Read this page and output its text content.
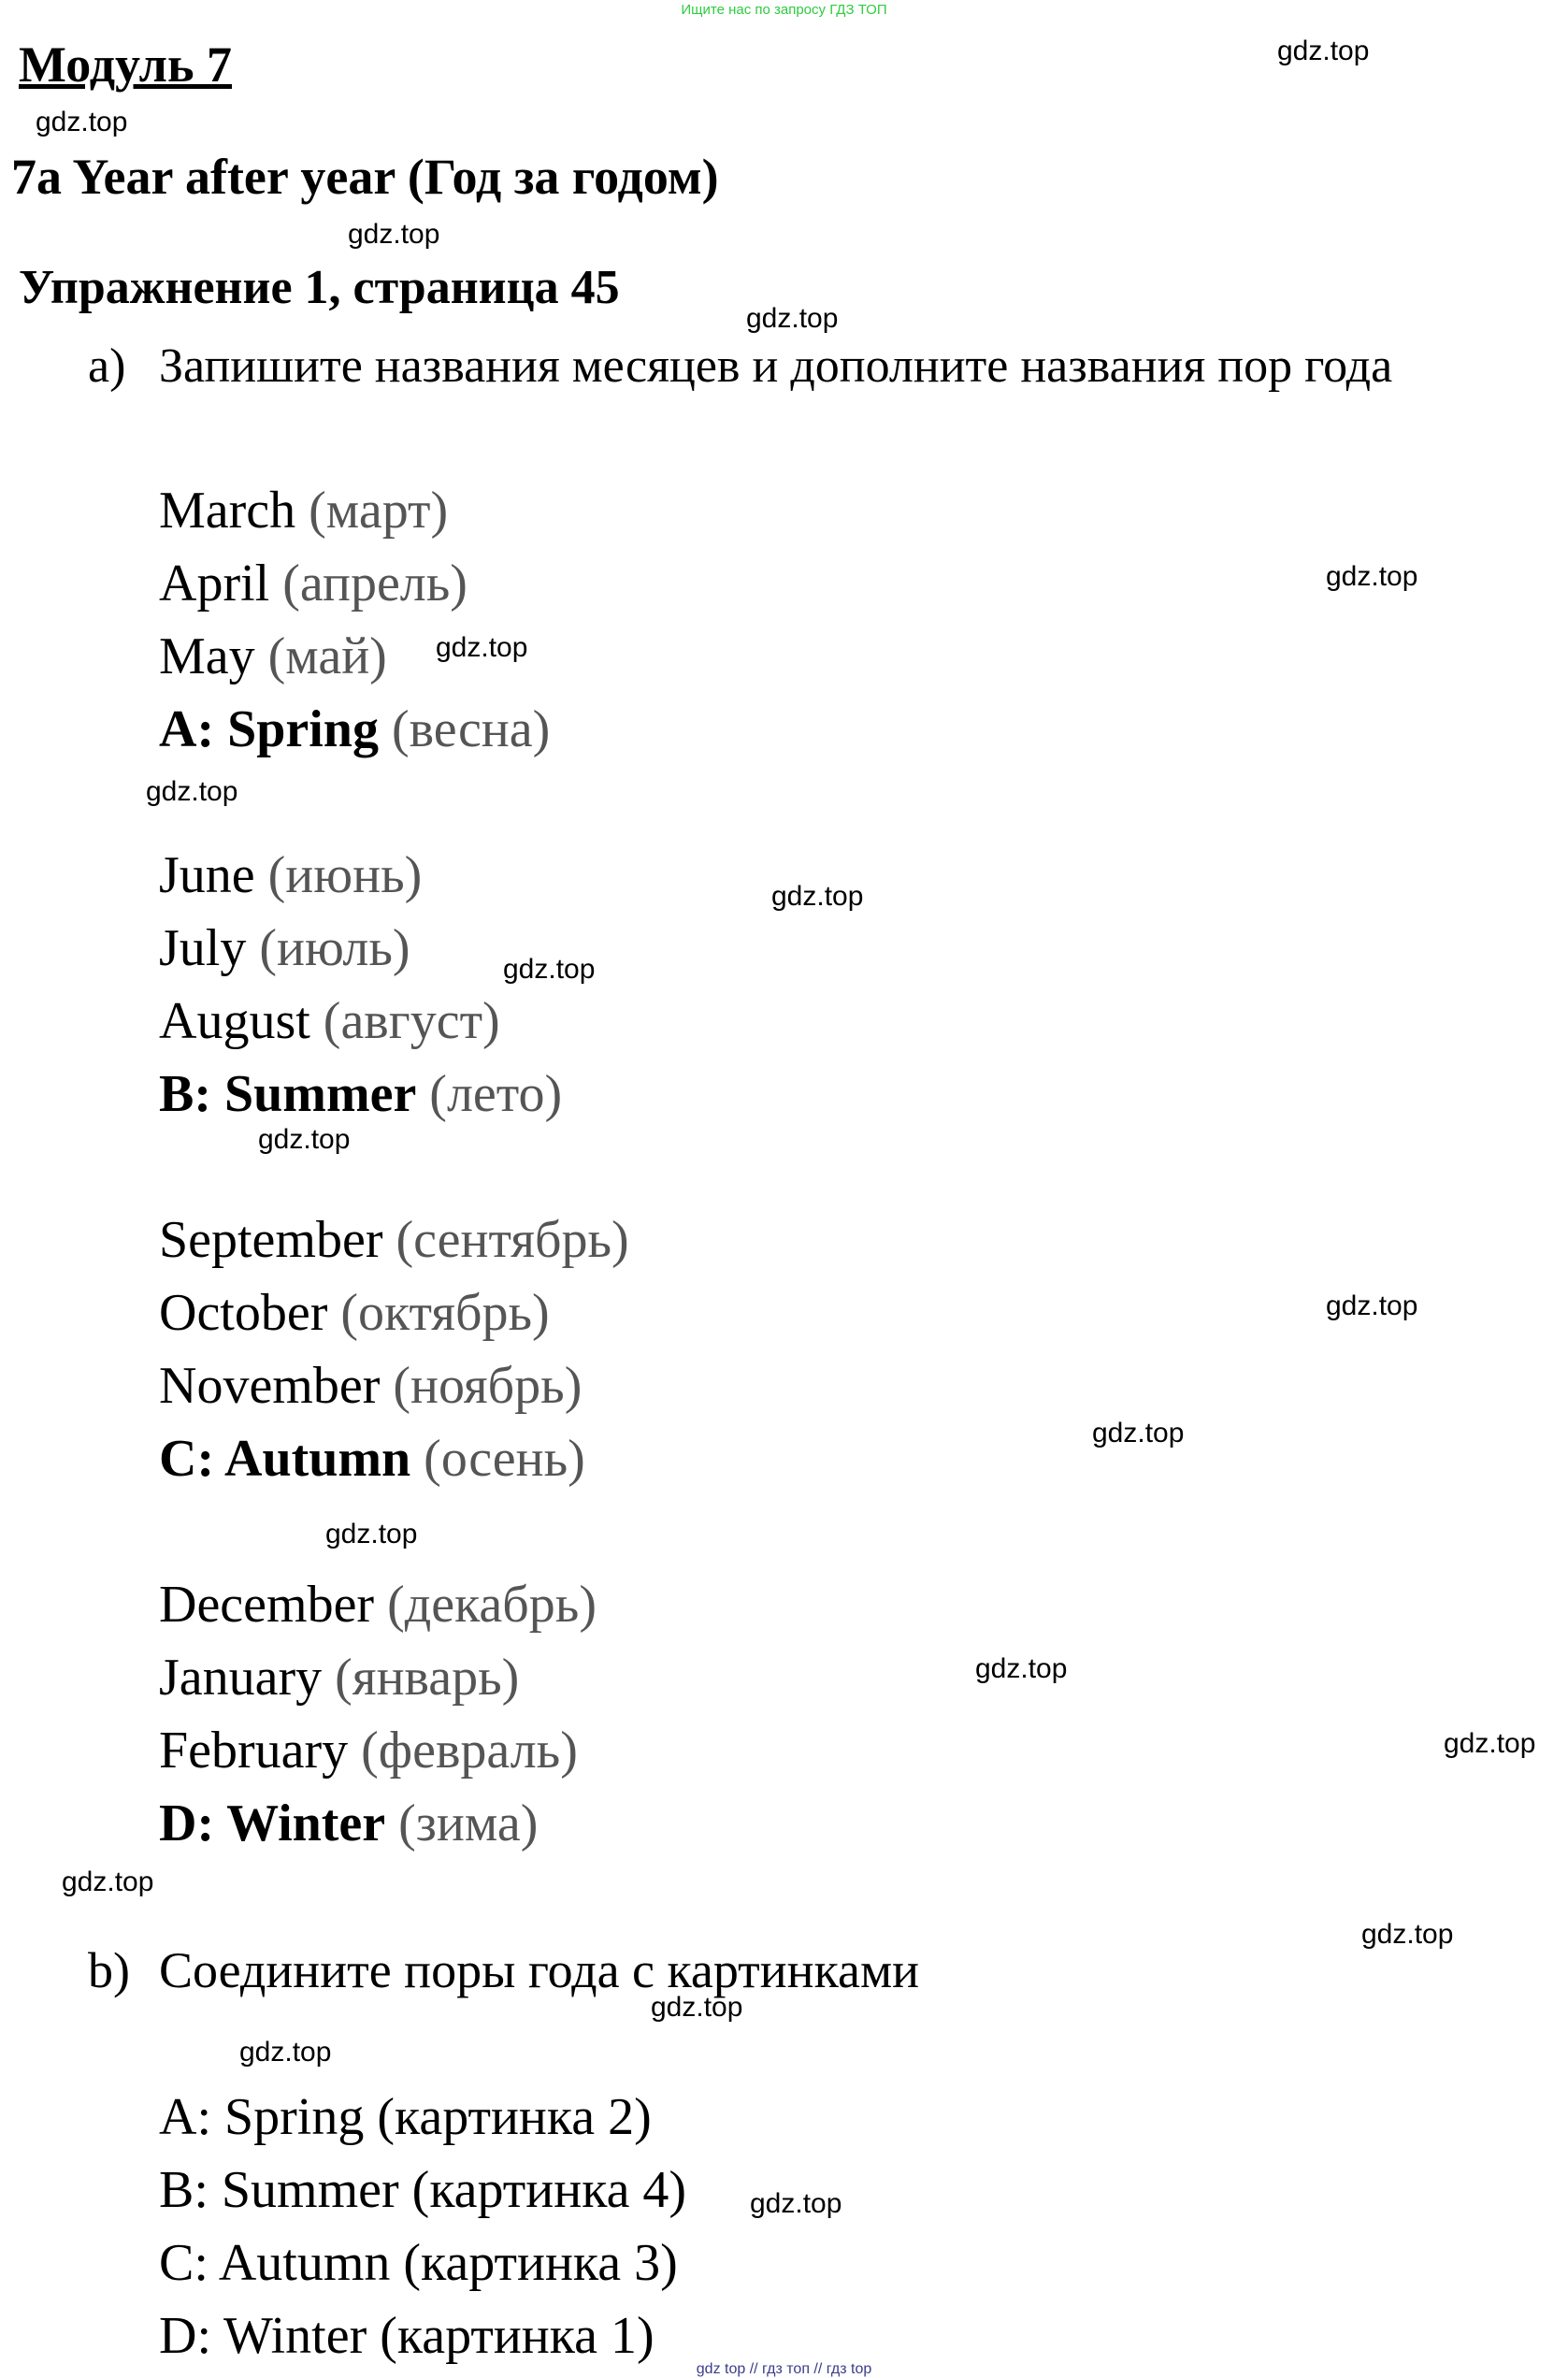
Ищите нас по запросу ГДЗ ТОП
Модуль 7
7a Year after year (Год за годом)
Упражнение 1, страница 45
a) Запишите названия месяцев и дополните названия пор года
March (март)
April (апрель)
May (май)
A: Spring (весна)
June (июнь)
July (июль)
August (август)
B: Summer (лето)
September (сентябрь)
October (октябрь)
November (ноябрь)
C: Autumn (осень)
December (декабрь)
January (январь)
February (февраль)
D: Winter (зима)
b) Соедините поры года с картинками
A: Spring (картинка 2)
B: Summer (картинка 4)
C: Autumn (картинка 3)
D: Winter (картинка 1)
gdz.top
gdz.top
gdz.top
gdz.top
gdz.top
gdz.top
gdz.top
gdz.top
gdz.top
gdz.top
gdz.top
gdz.top
gdz.top
gdz.top
gdz.top
gdz.top
gdz.top
gdz.top
gdz.top
gdz.top
gdz top // гдз топ // гдз top
